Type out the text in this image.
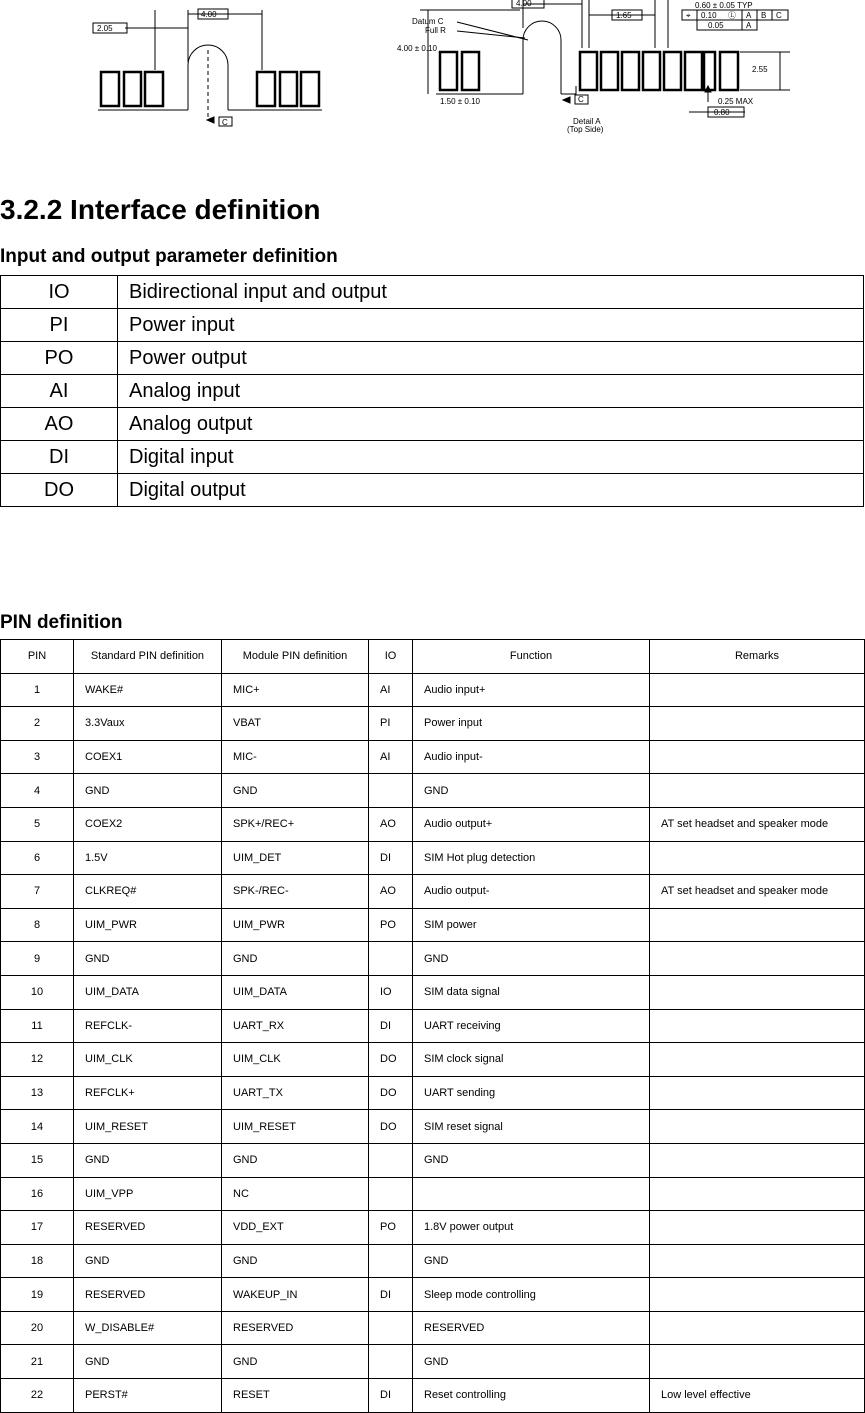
4.00
2.05
C
4.00
1.65
0.60 ± 0.05 TYP
⌖ 0.10 Ⓛ A B C
0.05	A
Datum C
Full R
4.00 ± 0.10
2.55
1.50 ± 0.10	C	0.25 MAX
0.80
Detail A
(Top Side)
3.2.2 Interface definition
Input and output parameter definition
IO	Bidirectional input and output
PI	Power input
PO	Power output
AI	Analog input
AO	Analog output
DI	Digital input
DO	Digital output
PIN definition
PIN	Standard PIN definition	Module PIN definition	IO	Function	Remarks
1	WAKE#	MIC+	AI	Audio input+	
2	3.3Vaux	VBAT	PI	Power input	
3	COEX1	MIC-	AI	Audio input-	
4	GND	GND		GND	
5	COEX2	SPK+/REC+	AO	Audio output+	AT set headset and speaker mode
6	1.5V	UIM_DET	DI	SIM Hot plug detection	
7	CLKREQ#	SPK-/REC-	AO	Audio output-	AT set headset and speaker mode
8	UIM_PWR	UIM_PWR	PO	SIM power	
9	GND	GND		GND	
10	UIM_DATA	UIM_DATA	IO	SIM data signal	
11	REFCLK-	UART_RX	DI	UART receiving	
12	UIM_CLK	UIM_CLK	DO	SIM clock signal	
13	REFCLK+	UART_TX	DO	UART sending	
14	UIM_RESET	UIM_RESET	DO	SIM reset signal	
15	GND	GND		GND	
16	UIM_VPP	NC			
17	RESERVED	VDD_EXT	PO	1.8V power output	
18	GND	GND		GND	
19	RESERVED	WAKEUP_IN	DI	Sleep mode controlling	
20	W_DISABLE#	RESERVED		RESERVED	
21	GND	GND		GND	
22	PERST#	RESET	DI	Reset controlling	Low level effective
